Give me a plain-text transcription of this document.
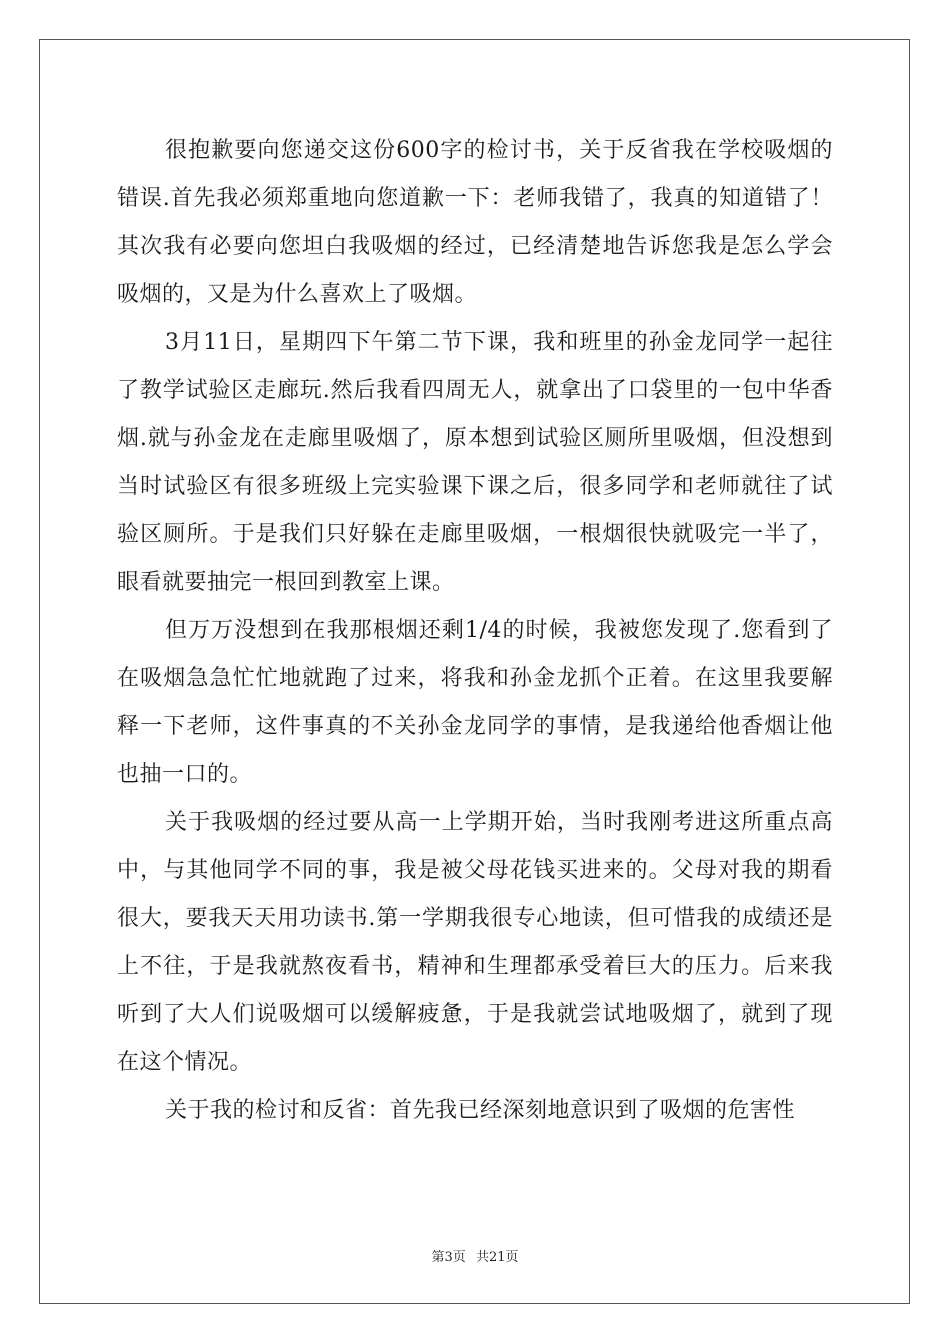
很抱歉要向您递交这份600字的检讨书，关于反省我在学校吸烟的错误.首先我必须郑重地向您道歉一下：老师我错了，我真的知道错了！其次我有必要向您坦白我吸烟的经过，已经清楚地告诉您我是怎么学会吸烟的，又是为什么喜欢上了吸烟。

3月11日，星期四下午第二节下课，我和班里的孙金龙同学一起往了教学试验区走廊玩.然后我看四周无人，就拿出了口袋里的一包中华香烟.就与孙金龙在走廊里吸烟了，原本想到试验区厕所里吸烟，但没想到当时试验区有很多班级上完实验课下课之后，很多同学和老师就往了试验区厕所。于是我们只好躲在走廊里吸烟，一根烟很快就吸完一半了，眼看就要抽完一根回到教室上课。

但万万没想到在我那根烟还剩1/4的时候，我被您发现了.您看到了在吸烟急急忙忙地就跑了过来，将我和孙金龙抓个正着。在这里我要解释一下老师，这件事真的不关孙金龙同学的事情，是我递给他香烟让他也抽一口的。

关于我吸烟的经过要从高一上学期开始，当时我刚考进这所重点高中，与其他同学不同的事，我是被父母花钱买进来的。父母对我的期看很大，要我天天用功读书.第一学期我很专心地读，但可惜我的成绩还是上不往，于是我就熬夜看书，精神和生理都承受着巨大的压力。后来我听到了大人们说吸烟可以缓解疲惫，于是我就尝试地吸烟了，就到了现在这个情况。

关于我的检讨和反省：首先我已经深刻地意识到了吸烟的危害性

第3页 共21页
